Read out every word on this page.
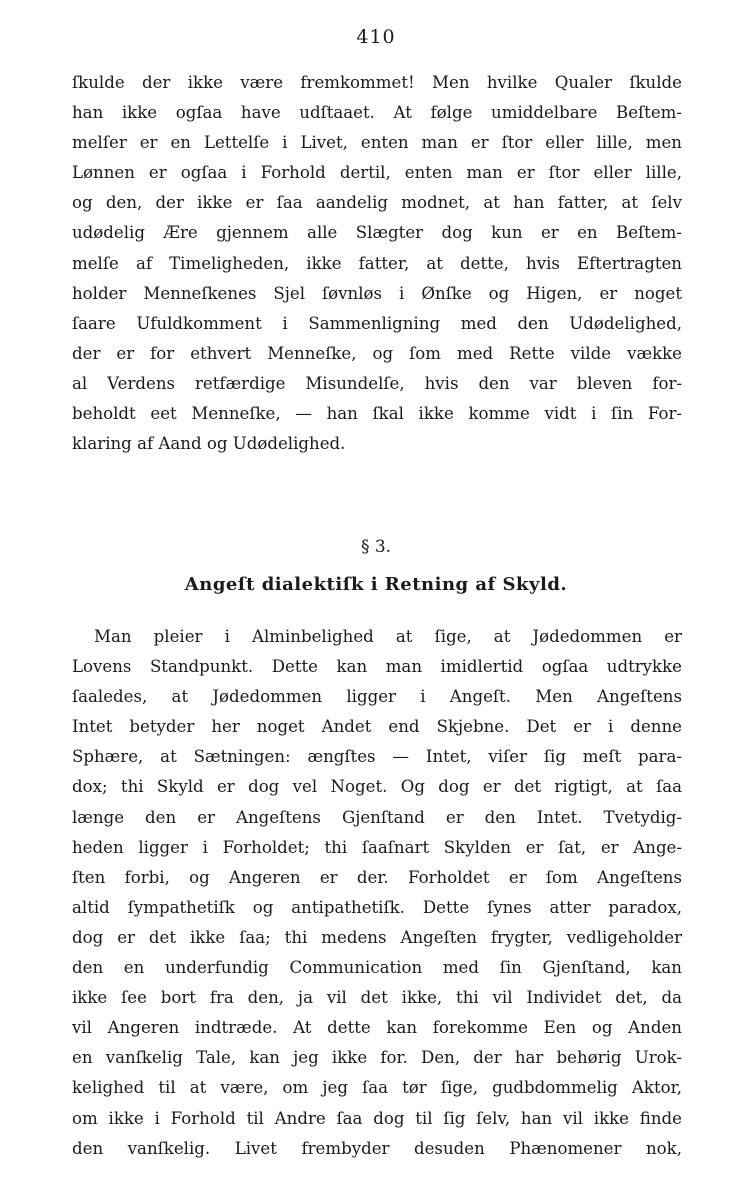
410
ſkulde der ikke være fremkommet! Men hvilke Qualer ſkulde
han ikke ogſaa have udſtaaet. At følge umiddelbare Beſtem-
melſer er en Lettelſe i Livet, enten man er ſtor eller lille, men
Lønnen er ogſaa i Forhold dertil, enten man er ſtor eller lille,
og den, der ikke er ſaa aandelig modnet, at han fatter, at ſelv
udødelig Ære gjennem alle Slægter dog kun er en Beſtem-
melſe af Timeligheden, ikke fatter, at dette, hvis Eftertragten
holder Menneſkenes Sjel ſøvnløs i Ønſke og Higen, er noget
ſaare Ufuldkomment i Sammenligning med den Udødelighed,
der er for ethvert Menneſke, og ſom med Rette vilde vække
al Verdens retfærdige Misundelſe, hvis den var bleven for-
beholdt eet Menneſke, — han ſkal ikke komme vidt i ſin For-
klaring af Aand og Udødelighed.
§ 3.
Angeſt dialektiſk i Retning af Skyld.
Man pleier i Alminbelighed at ſige, at Jødedommen er
Lovens Standpunkt. Dette kan man imidlertid ogſaa udtrykke
ſaaledes, at Jødedommen ligger i Angeſt. Men Angeſtens
Intet betyder her noget Andet end Skjebne. Det er i denne
Sphære, at Sætningen: ængſtes — Intet, viſer ſig meſt para-
dox; thi Skyld er dog vel Noget. Og dog er det rigtigt, at ſaa
længe den er Angeſtens Gjenſtand er den Intet. Tvetydig-
heden ligger i Forholdet; thi ſaaſnart Skylden er ſat, er Ange-
ſten forbi, og Angeren er der. Forholdet er ſom Angeſtens
altid ſympathetiſk og antipathetiſk. Dette ſynes atter paradox,
dog er det ikke ſaa; thi medens Angeſten frygter, vedligeholder
den en underfundig Communication med ſin Gjenſtand, kan
ikke ſee bort fra den, ja vil det ikke, thi vil Individet det, da
vil Angeren indtræde. At dette kan forekomme Een og Anden
en vanſkelig Tale, kan jeg ikke for. Den, der har behørig Urok-
kelighed til at være, om jeg ſaa tør ſige, gudbdommelig Aktor,
om ikke i Forhold til Andre ſaa dog til ſig ſelv, han vil ikke finde
den vanſkelig. Livet frembyder desuden Phænomener nok,
